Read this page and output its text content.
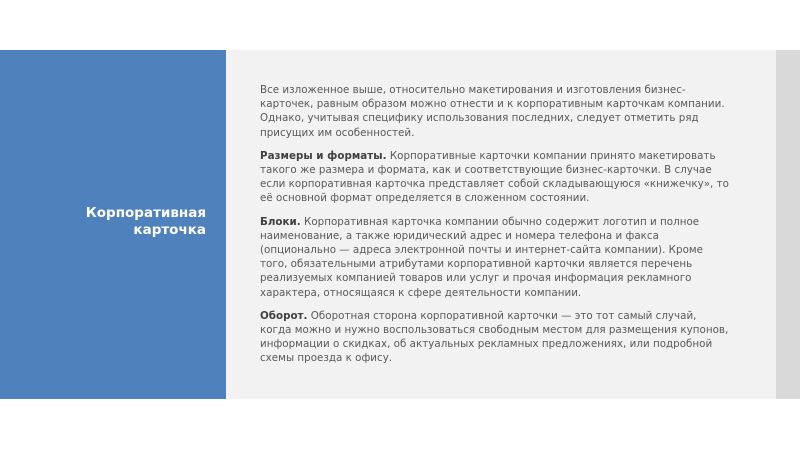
Корпоративная карточка

Все изложенное выше, относительно макетирования и изготовления бизнес-карточек, равным образом можно отнести и к корпоративным карточкам компании. Однако, учитывая специфику использования последних, следует отметить ряд присущих им особенностей.

Размеры и форматы. Корпоративные карточки компании принято макетировать такого же размера и формата, как и соответствующие бизнес-карточки. В случае если корпоративная карточка представляет собой складывающуюся «книжечку», то её основной формат определяется в сложенном состоянии.

Блоки. Корпоративная карточка компании обычно содержит логотип и полное наименование, а также юридический адрес и номера телефона и факса (опционально — адреса электронной почты и интернет-сайта компании). Кроме того, обязательными атрибутами корпоративной карточки является перечень реализуемых компанией товаров или услуг и прочая информация рекламного характера, относящаяся к сфере деятельности компании.

Оборот. Оборотная сторона корпоративной карточки — это тот самый случай, когда можно и нужно воспользоваться свободным местом для размещения купонов, информации о скидках, об актуальных рекламных предложениях, или подробной схемы проезда к офису.
